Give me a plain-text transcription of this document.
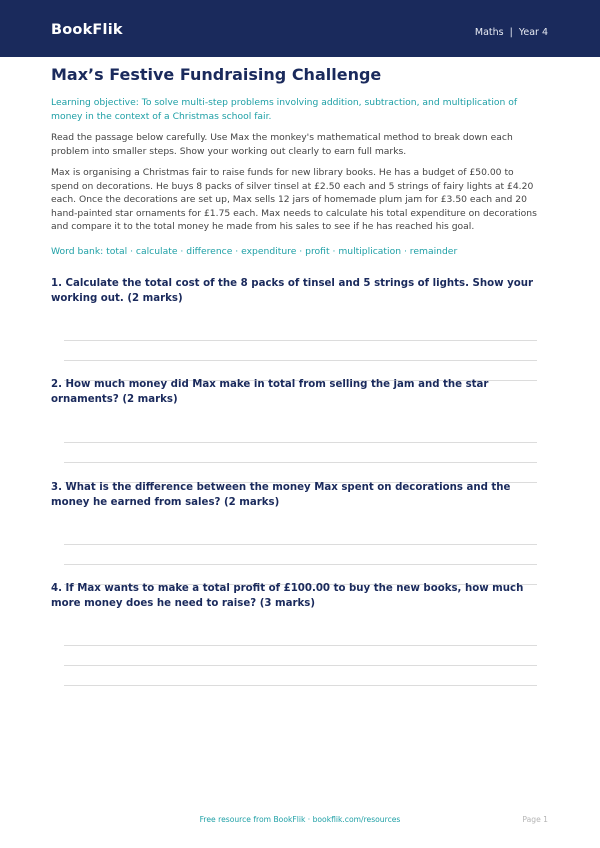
BookFlik	Maths | Year 4
Max’s Festive Fundraising Challenge
Learning objective: To solve multi-step problems involving addition, subtraction, and multiplication of money in the context of a Christmas school fair.
Read the passage below carefully. Use Max the monkey's mathematical method to break down each problem into smaller steps. Show your working out clearly to earn full marks.
Max is organising a Christmas fair to raise funds for new library books. He has a budget of £50.00 to spend on decorations. He buys 8 packs of silver tinsel at £2.50 each and 5 strings of fairy lights at £4.20 each. Once the decorations are set up, Max sells 12 jars of homemade plum jam for £3.50 each and 20 hand-painted star ornaments for £1.75 each. Max needs to calculate his total expenditure on decorations and compare it to the total money he made from his sales to see if he has reached his goal.
Word bank: total · calculate · difference · expenditure · profit · multiplication · remainder
1. Calculate the total cost of the 8 packs of tinsel and 5 strings of lights. Show your working out. (2 marks)
2. How much money did Max make in total from selling the jam and the star ornaments? (2 marks)
3. What is the difference between the money Max spent on decorations and the money he earned from sales? (2 marks)
4. If Max wants to make a total profit of £100.00 to buy the new books, how much more money does he need to raise? (3 marks)
Free resource from BookFlik · bookflik.com/resources	Page 1
